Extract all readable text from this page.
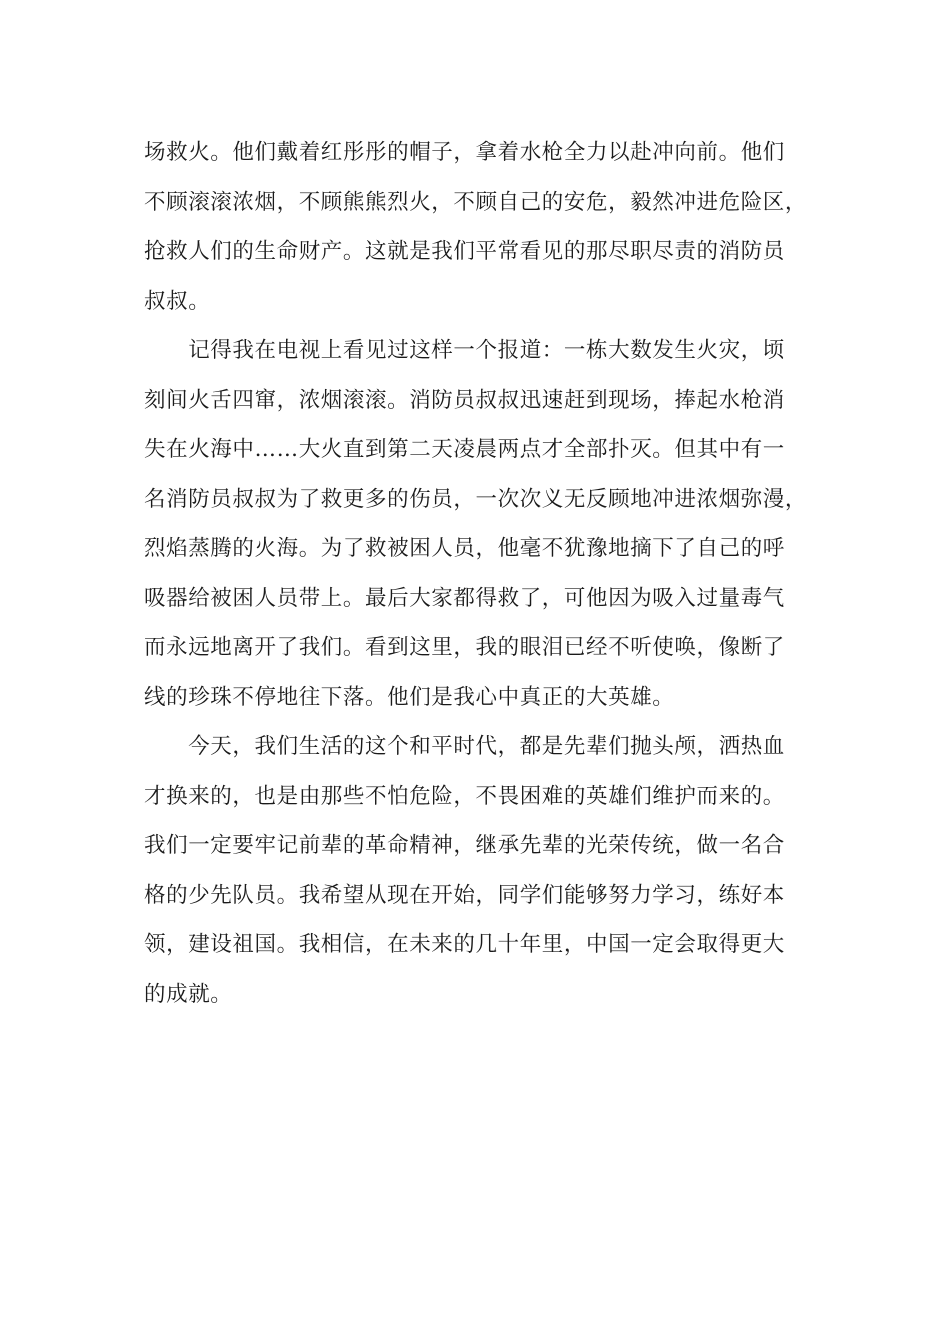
场救火。他们戴着红彤彤的帽子，拿着水枪全力以赴冲向前。他们
不顾滚滚浓烟，不顾熊熊烈火，不顾自己的安危，毅然冲进危险区，
抢救人们的生命财产。这就是我们平常看见的那尽职尽责的消防员
叔叔。
　　记得我在电视上看见过这样一个报道：一栋大数发生火灾，顷
刻间火舌四窜，浓烟滚滚。消防员叔叔迅速赶到现场，捧起水枪消
失在火海中……大火直到第二天凌晨两点才全部扑灭。但其中有一
名消防员叔叔为了救更多的伤员，一次次义无反顾地冲进浓烟弥漫，
烈焰蒸腾的火海。为了救被困人员，他毫不犹豫地摘下了自己的呼
吸器给被困人员带上。最后大家都得救了，可他因为吸入过量毒气
而永远地离开了我们。看到这里，我的眼泪已经不听使唤，像断了
线的珍珠不停地往下落。他们是我心中真正的大英雄。
　　今天，我们生活的这个和平时代，都是先辈们抛头颅，洒热血
才换来的，也是由那些不怕危险，不畏困难的英雄们维护而来的。
我们一定要牢记前辈的革命精神，继承先辈的光荣传统，做一名合
格的少先队员。我希望从现在开始，同学们能够努力学习，练好本
领，建设祖国。我相信，在未来的几十年里，中国一定会取得更大
的成就。
